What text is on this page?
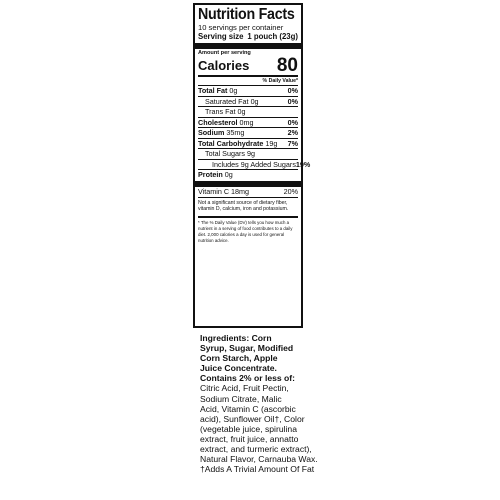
Nutrition Facts
10 servings per container
Serving size 1 pouch (23g)
Amount per serving
Calories 80
% Daily Value*
Total Fat 0g	0%
Saturated Fat 0g	0%
Trans Fat 0g
Cholesterol 0mg	0%
Sodium 35mg	2%
Total Carbohydrate 19g 7%
Total Sugars 9g
Includes 9g Added Sugars 19%
Protein 0g
Vitamin C 18mg	20%
Not a significant source of dietary fiber, vitamin D, calcium, iron and potassium.
* The % Daily Value (DV) tells you how much a nutrient in a serving of food contributes to a daily diet. 2,000 calories a day is used for general nutrition advice.
Ingredients: Corn
Syrup, Sugar, Modified
Corn Starch, Apple
Juice Concentrate.
Contains 2% or less of:
Citric Acid, Fruit Pectin,
Sodium Citrate, Malic
Acid, Vitamin C (ascorbic
acid), Sunflower Oil†, Color
(vegetable juice, spirulina
extract, fruit juice, annatto
extract, and turmeric extract),
Natural Flavor, Carnauba Wax.
†Adds A Trivial Amount Of Fat
